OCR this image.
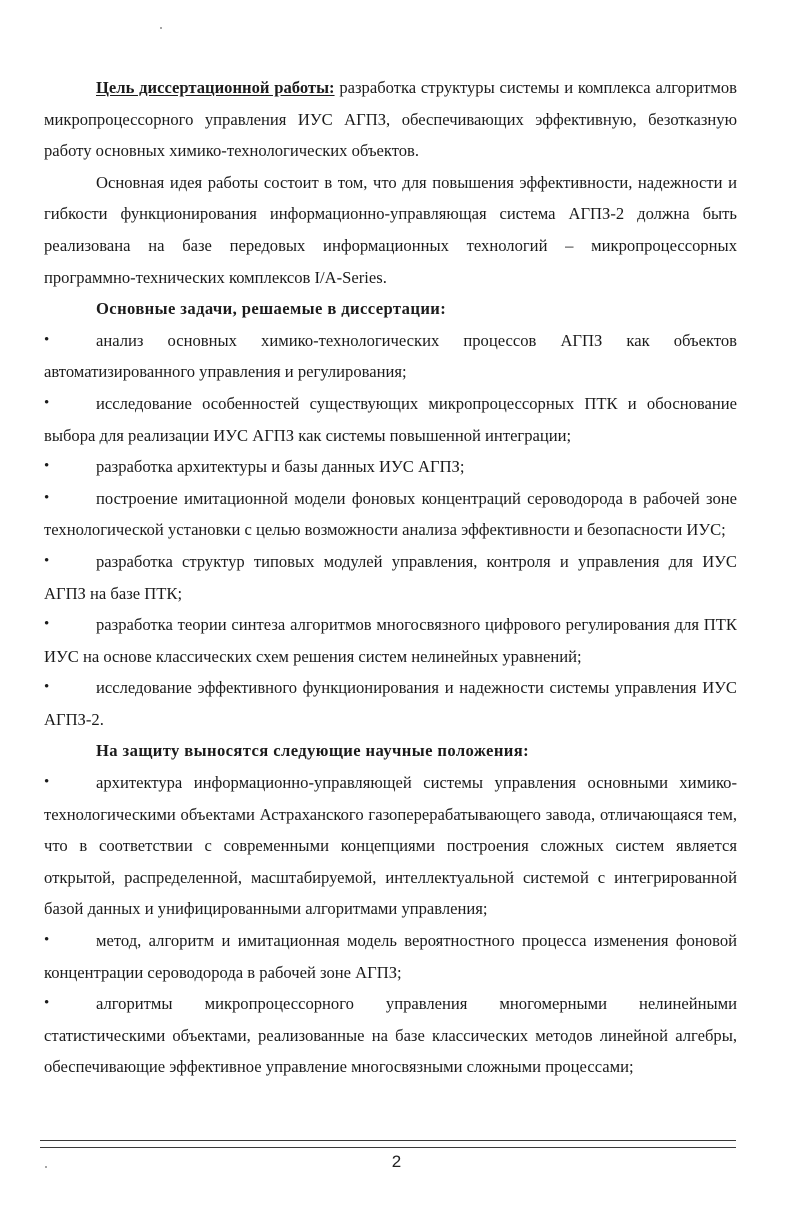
Цель диссертационной работы: разработка структуры системы и комплекса алгоритмов микропроцессорного управления ИУС АГПЗ, обеспечивающих эффективную, безотказную работу основных химико-технологических объектов.

Основная идея работы состоит в том, что для повышения эффективности, надежности и гибкости функционирования информационно-управляющая система АГПЗ-2 должна быть реализована на базе передовых информационных технологий – микропроцессорных программно-технических комплексов I/A-Series.

Основные задачи, решаемые в диссертации:

•	анализ основных химико-технологических процессов АГПЗ как объектов автоматизированного управления и регулирования;

•	исследование особенностей существующих микропроцессорных ПТК и обоснование выбора для реализации ИУС АГПЗ как системы повышенной интеграции;

•	разработка архитектуры и базы данных ИУС АГПЗ;

•	построение имитационной модели фоновых концентраций сероводорода в рабочей зоне технологической установки с целью возможности анализа эффективности и безопасности ИУС;

•	разработка структур типовых модулей управления, контроля и управления для ИУС АГПЗ на базе ПТК;

•	разработка теории синтеза алгоритмов многосвязного цифрового регулирования для ПТК ИУС на основе классических схем решения систем нелинейных уравнений;

•	исследование эффективного функционирования и надежности системы управления ИУС АГПЗ-2.

На защиту выносятся следующие научные положения:

•	архитектура информационно-управляющей системы управления основными химико-технологическими объектами Астраханского газоперерабатывающего завода, отличающаяся тем, что в соответствии с современными концепциями построения сложных систем является открытой, распределенной, масштабируемой, интеллектуальной системой с интегрированной базой данных и унифицированными алгоритмами управления;

•	метод, алгоритм и имитационная модель вероятностного процесса изменения фоновой концентрации сероводорода в рабочей зоне АГПЗ;

•	алгоритмы микропроцессорного управления многомерными нелинейными статистическими объектами, реализованные на базе классических методов линейной алгебры, обеспечивающие эффективное управление многосвязными сложными процессами;

2
